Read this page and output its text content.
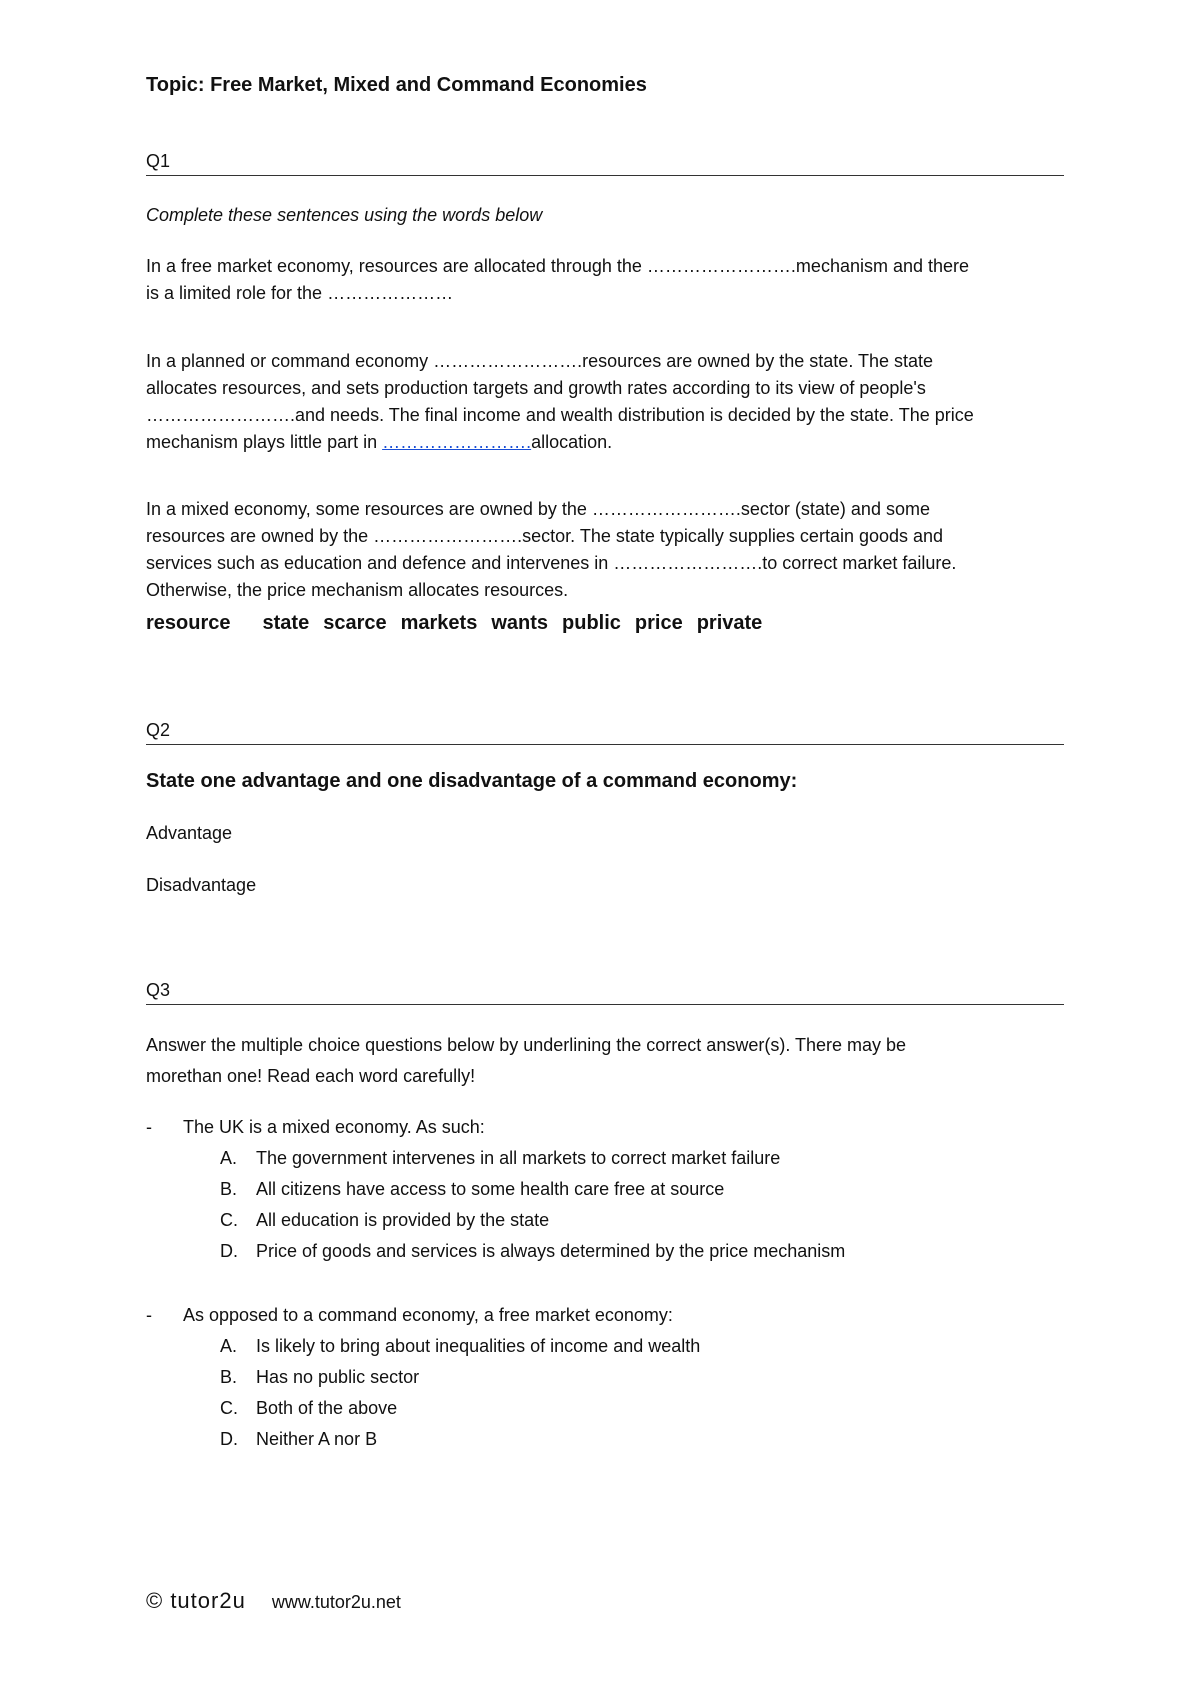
Topic: Free Market, Mixed and Command Economies
Q1
Complete these sentences using the words below
In a free market economy, resources are allocated through the …………………….mechanism and there
is a limited role for the …………………
In a planned or command economy …………………….resources are owned by the state. The state
allocates resources, and sets production targets and growth rates according to its view of people's
…………………….and needs. The final income and wealth distribution is decided by the state. The price
mechanism plays little part in …………………….allocation.
In a mixed economy, some resources are owned by the …………………….sector (state) and some
resources are owned by the …………………….sector. The state typically supplies certain goods and
services such as education and defence and intervenes in …………………….to correct market failure.
Otherwise, the price mechanism allocates resources.
resource state scarce markets wants public price private
Q2
State one advantage and one disadvantage of a command economy:
Advantage
Disadvantage
Q3
Answer the multiple choice questions below by underlining the correct answer(s). There may be
morethan one! Read each word carefully!
- The UK is a mixed economy. As such:
A. The government intervenes in all markets to correct market failure
B. All citizens have access to some health care free at source
C. All education is provided by the state
D. Price of goods and services is always determined by the price mechanism
- As opposed to a command economy, a free market economy:
A. Is likely to bring about inequalities of income and wealth
B. Has no public sector
C. Both of the above
D. Neither A nor B
© tutor2u www.tutor2u.net
